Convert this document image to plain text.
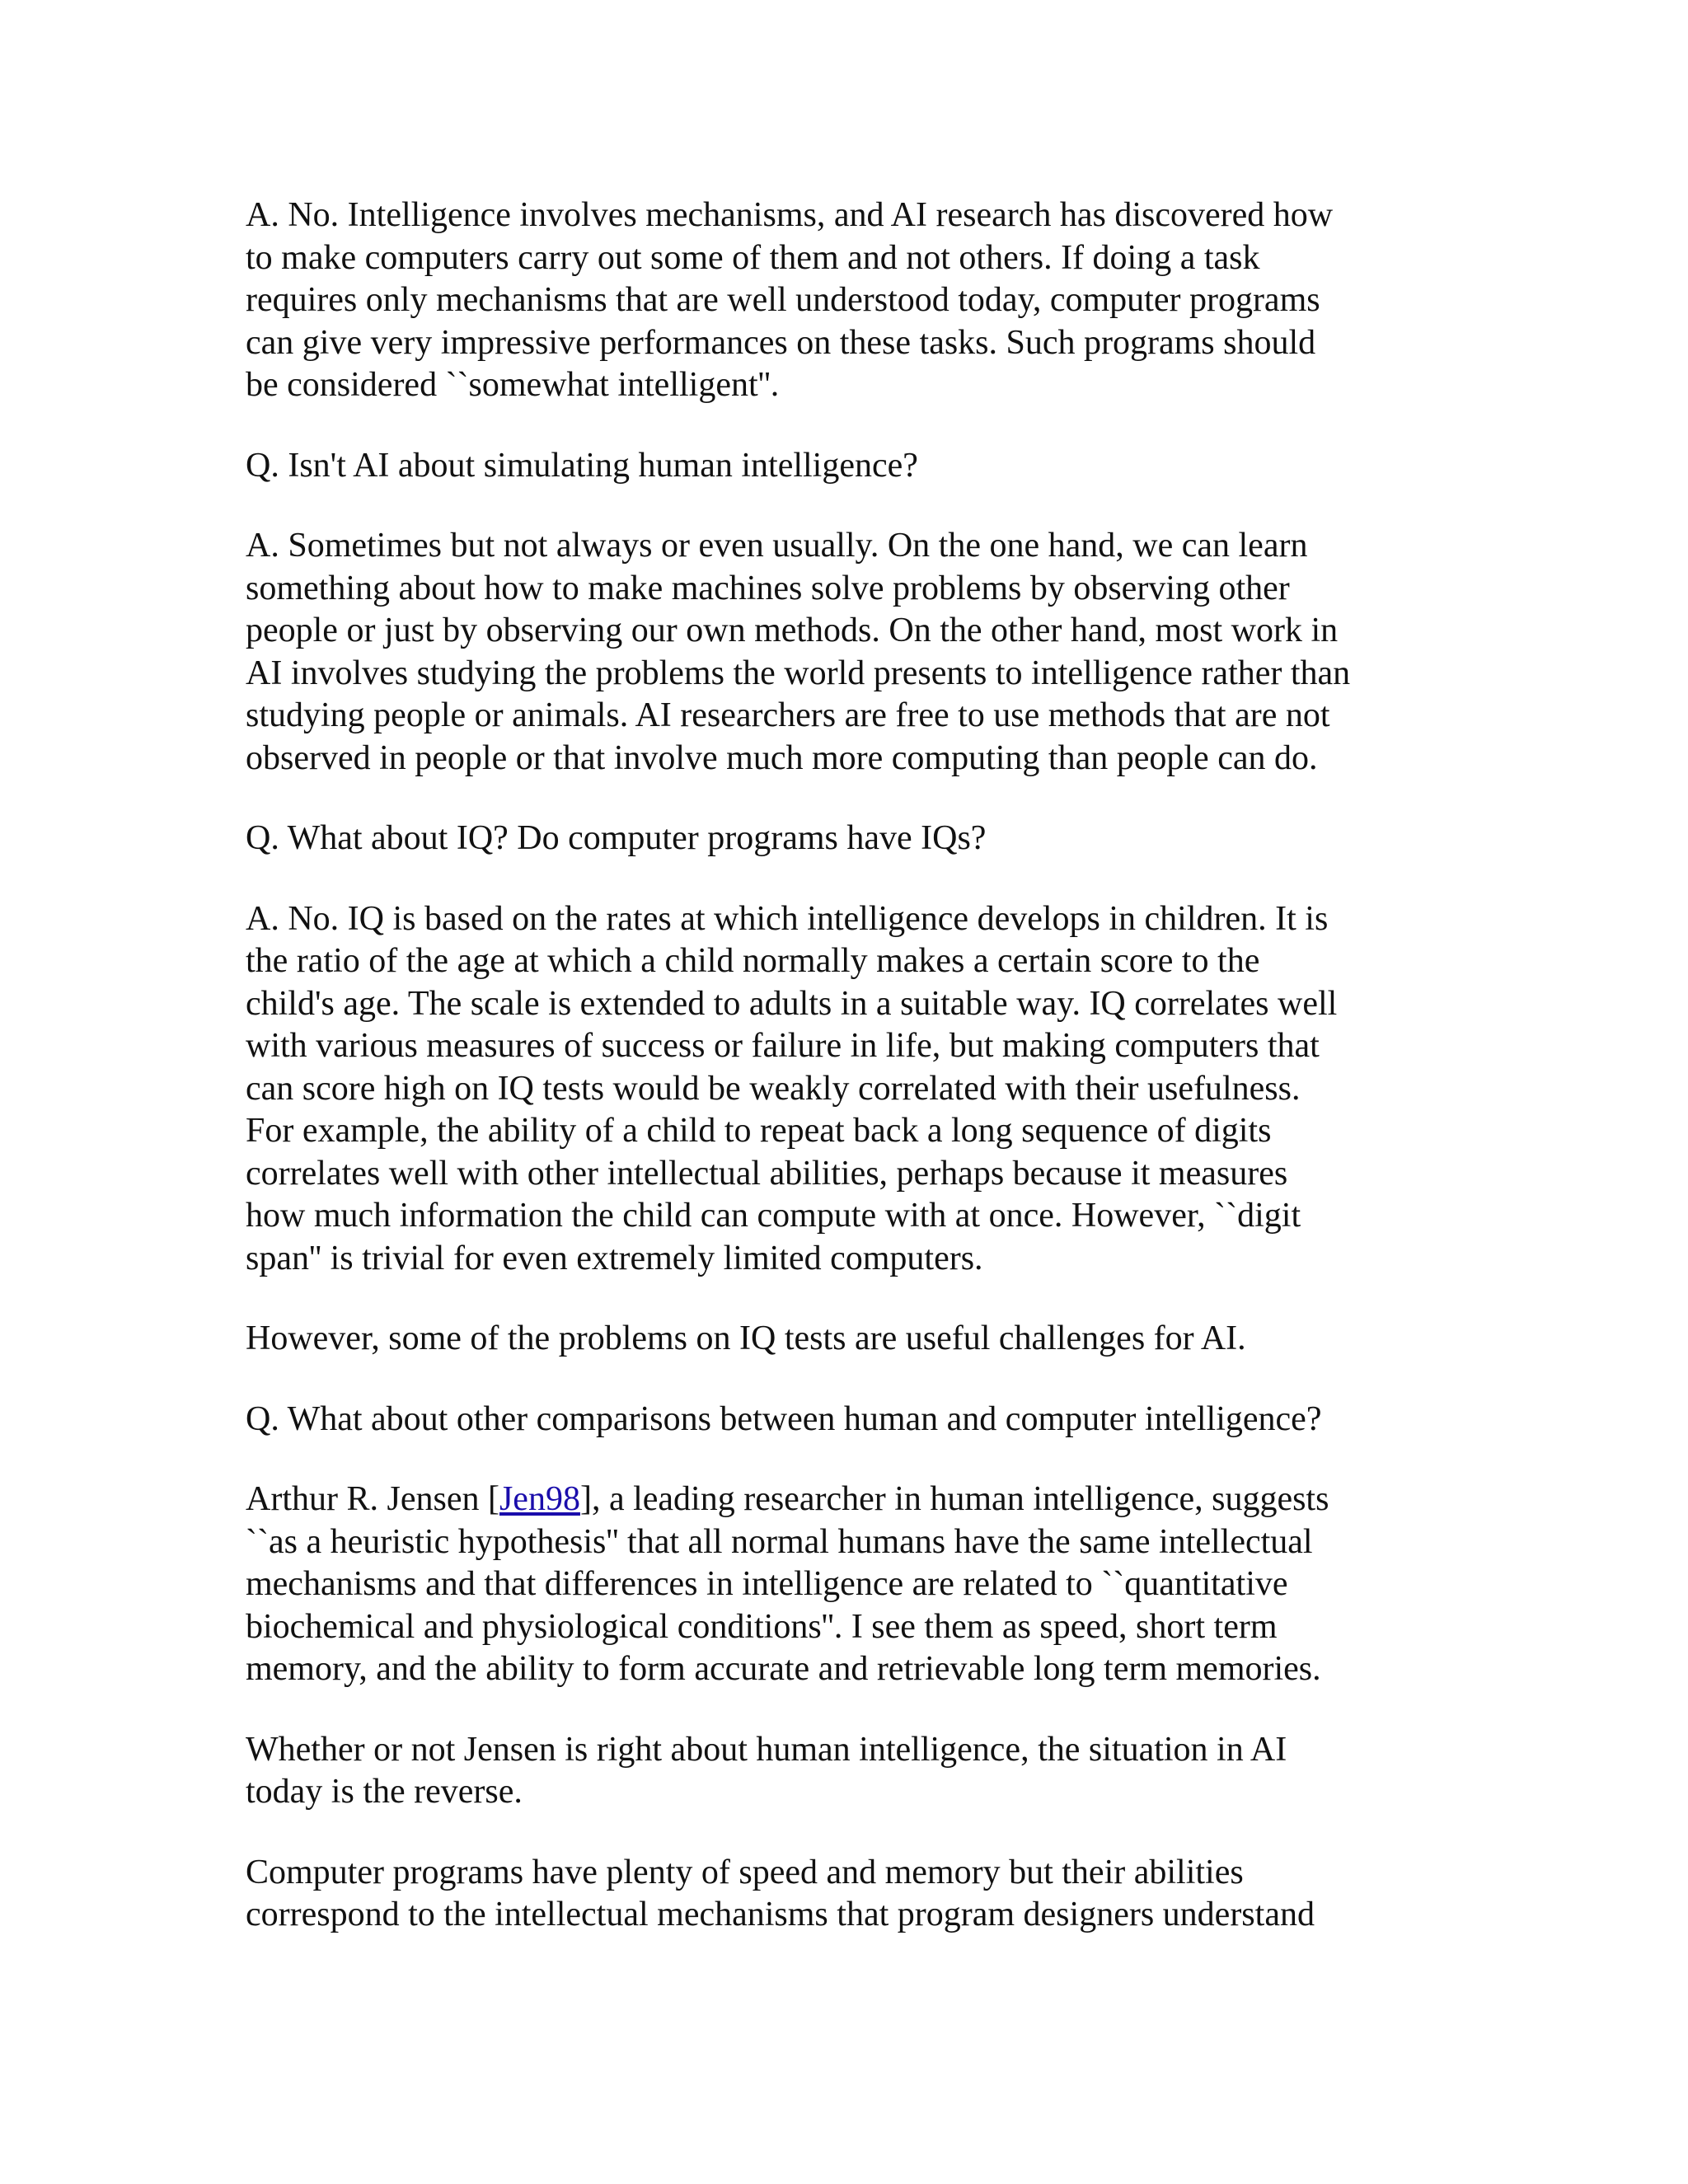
A. No. Intelligence involves mechanisms, and AI research has discovered how
to make computers carry out some of them and not others. If doing a task
requires only mechanisms that are well understood today, computer programs
can give very impressive performances on these tasks. Such programs should
be considered ``somewhat intelligent''.

Q. Isn't AI about simulating human intelligence?

A. Sometimes but not always or even usually. On the one hand, we can learn
something about how to make machines solve problems by observing other
people or just by observing our own methods. On the other hand, most work in
AI involves studying the problems the world presents to intelligence rather than
studying people or animals. AI researchers are free to use methods that are not
observed in people or that involve much more computing than people can do.

Q. What about IQ? Do computer programs have IQs?

A. No. IQ is based on the rates at which intelligence develops in children. It is
the ratio of the age at which a child normally makes a certain score to the
child's age. The scale is extended to adults in a suitable way. IQ correlates well
with various measures of success or failure in life, but making computers that
can score high on IQ tests would be weakly correlated with their usefulness.
For example, the ability of a child to repeat back a long sequence of digits
correlates well with other intellectual abilities, perhaps because it measures
how much information the child can compute with at once. However, ``digit
span'' is trivial for even extremely limited computers.

However, some of the problems on IQ tests are useful challenges for AI.

Q. What about other comparisons between human and computer intelligence?

Arthur R. Jensen [Jen98], a leading researcher in human intelligence, suggests
``as a heuristic hypothesis'' that all normal humans have the same intellectual
mechanisms and that differences in intelligence are related to ``quantitative
biochemical and physiological conditions''. I see them as speed, short term
memory, and the ability to form accurate and retrievable long term memories.

Whether or not Jensen is right about human intelligence, the situation in AI
today is the reverse.

Computer programs have plenty of speed and memory but their abilities
correspond to the intellectual mechanisms that program designers understand
